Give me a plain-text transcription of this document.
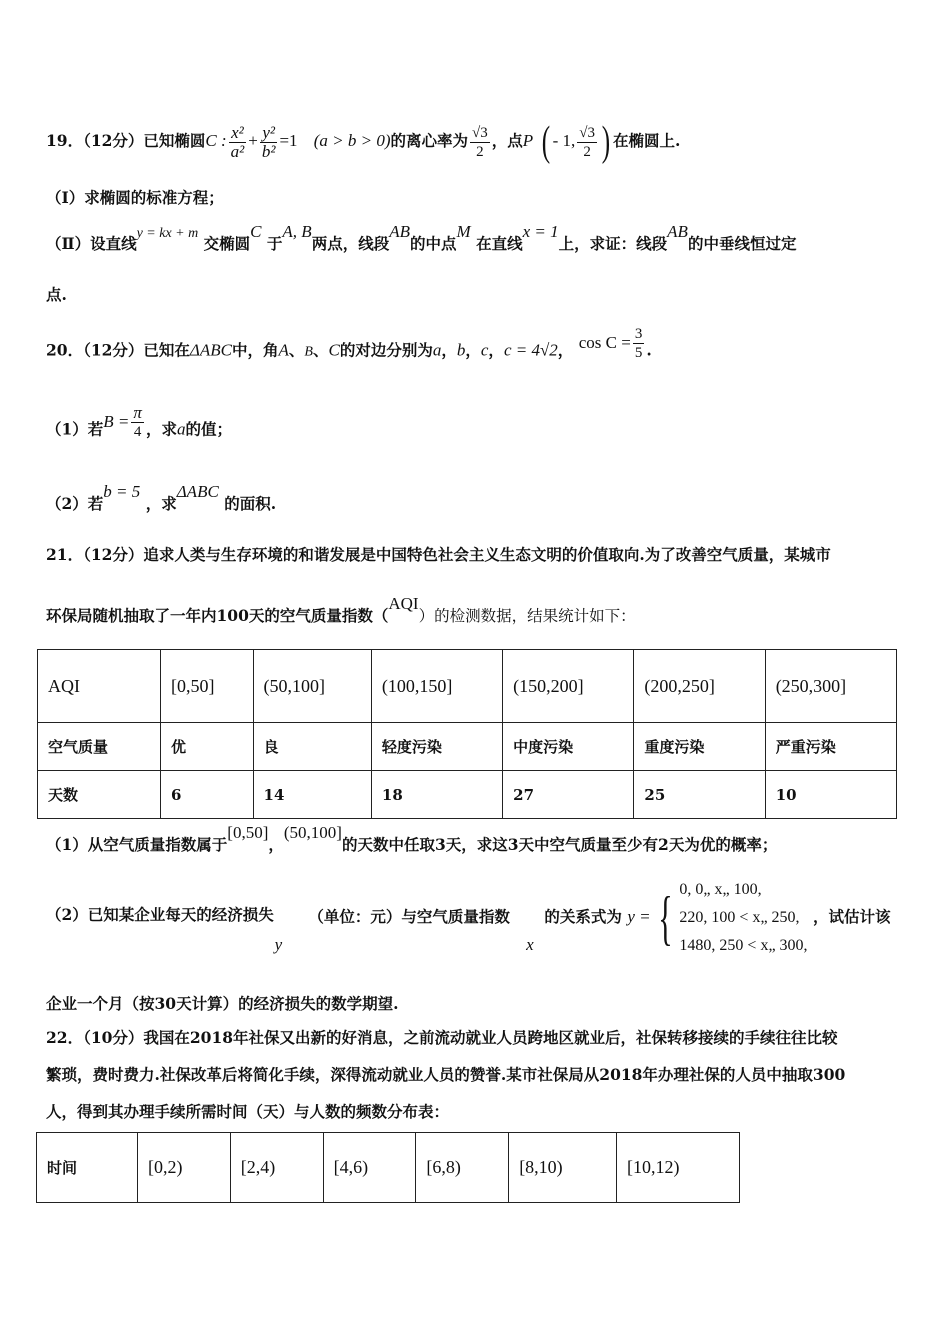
19．（12分）已知椭圆C : $\frac{\text{x²}}{\text{a²}} + \frac{\text{y²}}{\text{b²}} =1$ (a > b > 0)的离心率为 $\frac{√3}{2}$ ，点P ( - 1, $\frac{√3}{2}$ ) 在椭圆上.
（Ⅰ）求椭圆的标准方程；
（Ⅱ）设直线y = kx + m 交椭圆C 于A, B两点，线段AB的中点M 在直线x = 1上，求证：线段AB的中垂线恒过定
点.
20．（12分）已知在ΔABC中，角A、B、C的对边分别为a，b，c，c = 4√2， $\cos C = \frac{3}{5}$ .
（1）若$B = \frac{\pi}{4}$ ，求a的值；
（2）若b = 5 ，求ΔABC 的面积.
21．（12分）追求人类与生存环境的和谐发展是中国特色社会主义生态文明的价值取向.为了改善空气质量，某城市
环保局随机抽取了一年内100天的空气质量指数（AQI）的检测数据，结果统计如下：
AQI	[0,50]	(50,100]	(100,150]	(150,200]	(200,250]	(250,300]
空气质量	优	良	轻度污染	中度污染	重度污染	严重污染
天数	6	14	18	27	25	10
（1）从空气质量指数属于[0,50]，(50,100]的天数中任取3天，求这3天中空气质量至少有2天为优的概率；
（2）已知某企业每天的经济损失  y   （单位：元）与空气质量指数   x  的关系式为 y = { 0, 0„ x„ 100,
220, 100 < x„ 250,
1480, 250 < x„ 300,
，试估计该
企业一个月（按30天计算）的经济损失的数学期望.
22．（10分）我国在2018年社保又出新的好消息，之前流动就业人员跨地区就业后，社保转移接续的手续往往比较
繁琐，费时费力.社保改革后将简化手续，深得流动就业人员的赞誉.某市社保局从2018年办理社保的人员中抽取300
人，得到其办理手续所需时间（天）与人数的频数分布表：
时间	[0,2)	[2,4)	[4,6)	[6,8)	[8,10)	[10,12)
